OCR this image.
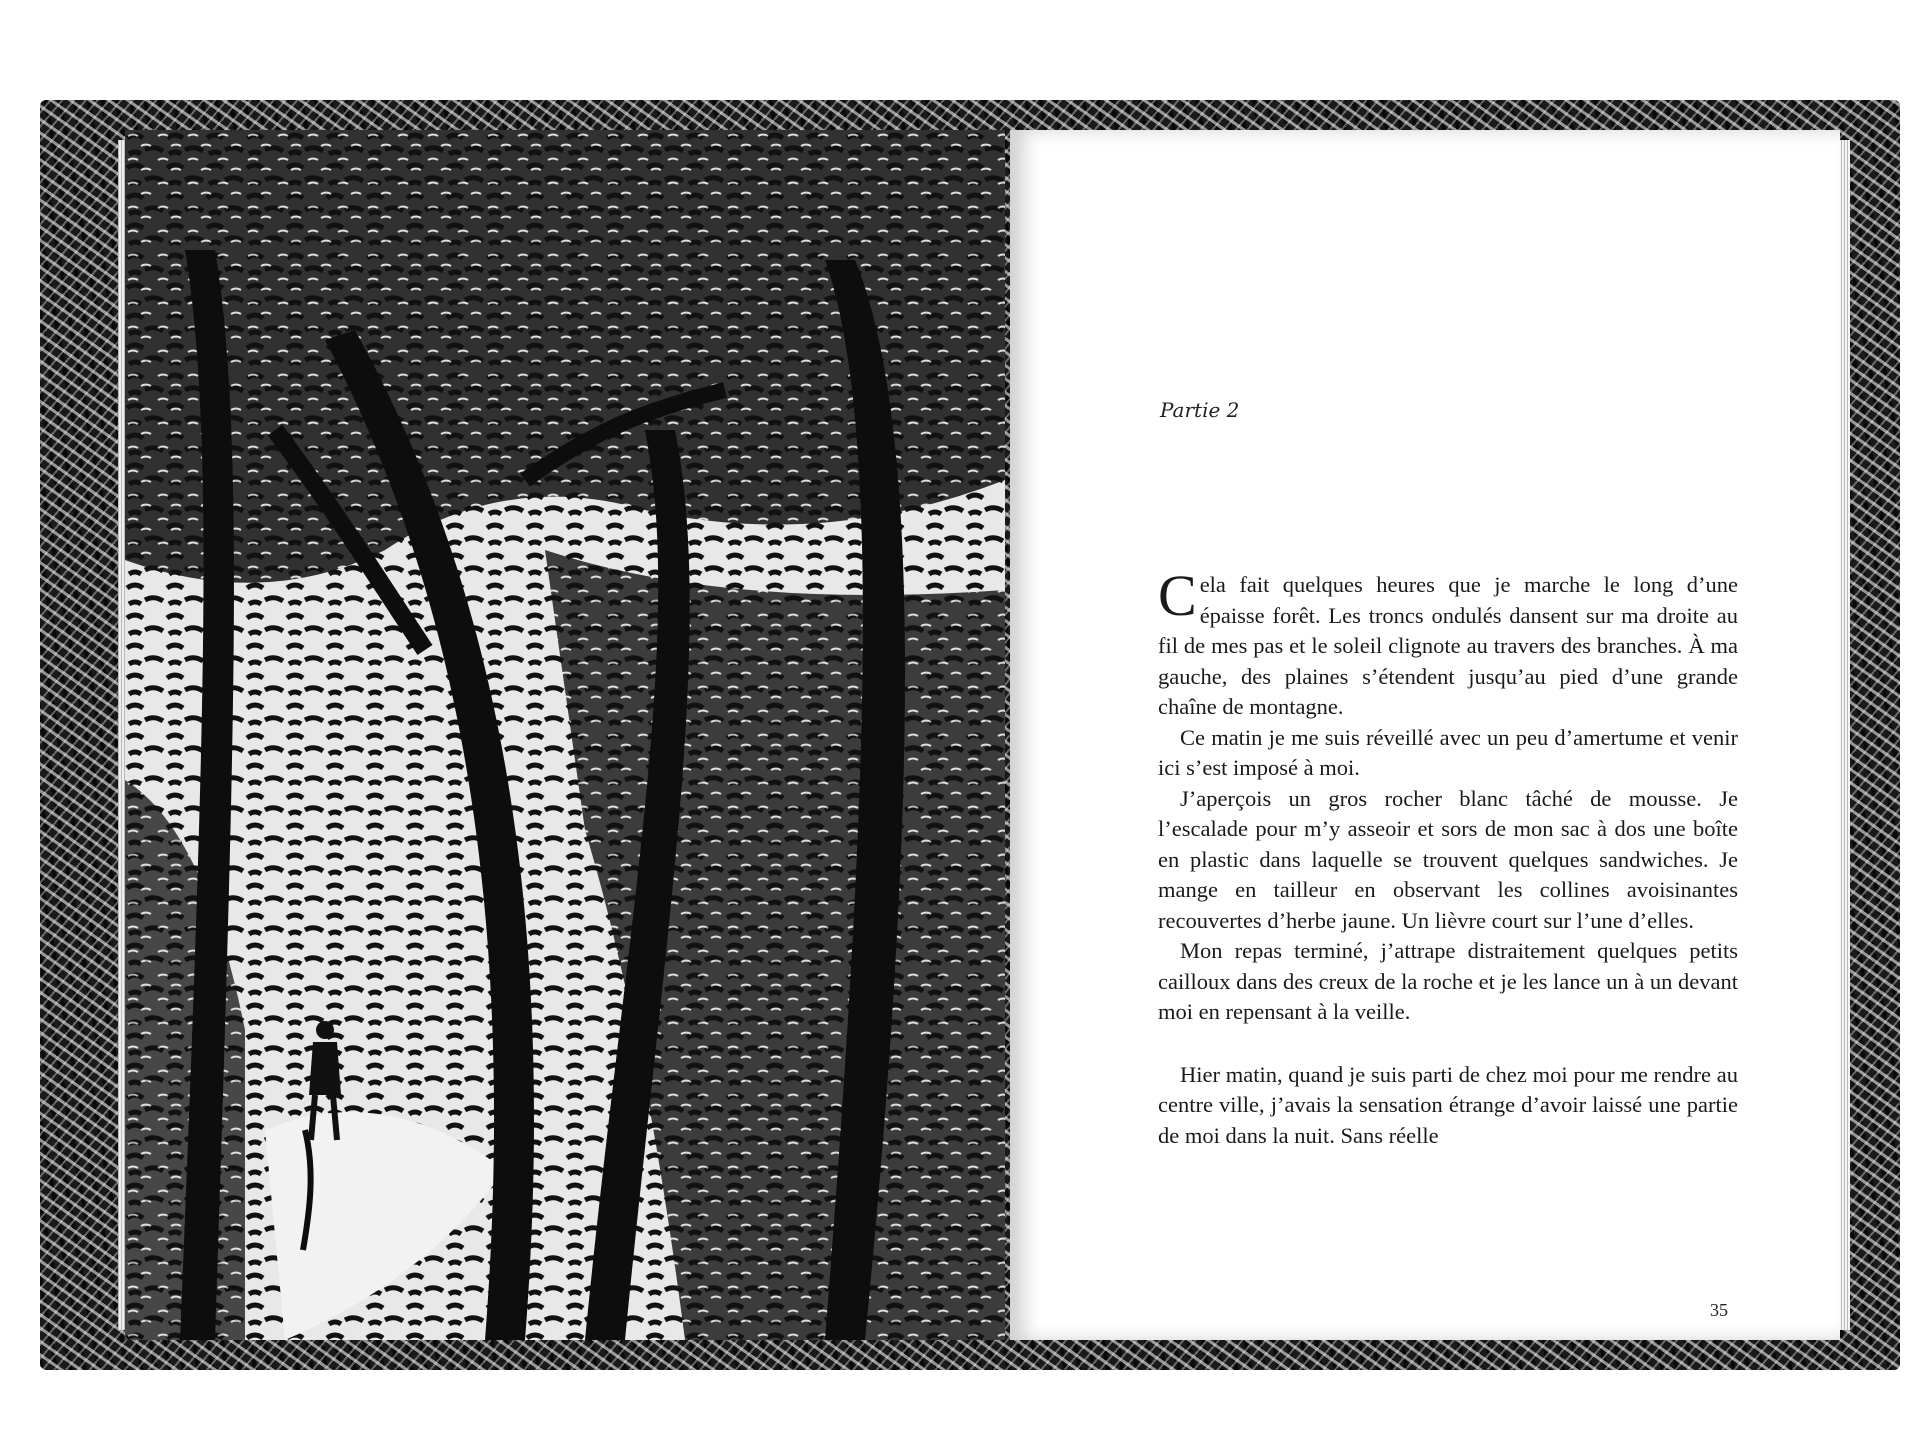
Partie 2

Cela fait quelques heures que je marche le long d’une épaisse forêt. Les troncs ondulés dansent sur ma droite au fil de mes pas et le soleil clignote au travers des branches. À ma gauche, des plaines s’étendent jusqu’au pied d’une grande chaîne de montagne.

Ce matin je me suis réveillé avec un peu d’amertume et venir ici s’est imposé à moi.

J’aperçois un gros rocher blanc tâché de mousse. Je l’escalade pour m’y asseoir et sors de mon sac à dos une boîte en plastic dans laquelle se trouvent quelques sandwiches. Je mange en tailleur en observant les collines avoisinantes recouvertes d’herbe jaune. Un lièvre court sur l’une d’elles.

Mon repas terminé, j’attrape distraitement quelques petits cailloux dans des creux de la roche et je les lance un à un devant moi en repensant à la veille.

Hier matin, quand je suis parti de chez moi pour me rendre au centre ville, j’avais la sensation étrange d’avoir laissé une partie de moi dans la nuit. Sans réelle

35
